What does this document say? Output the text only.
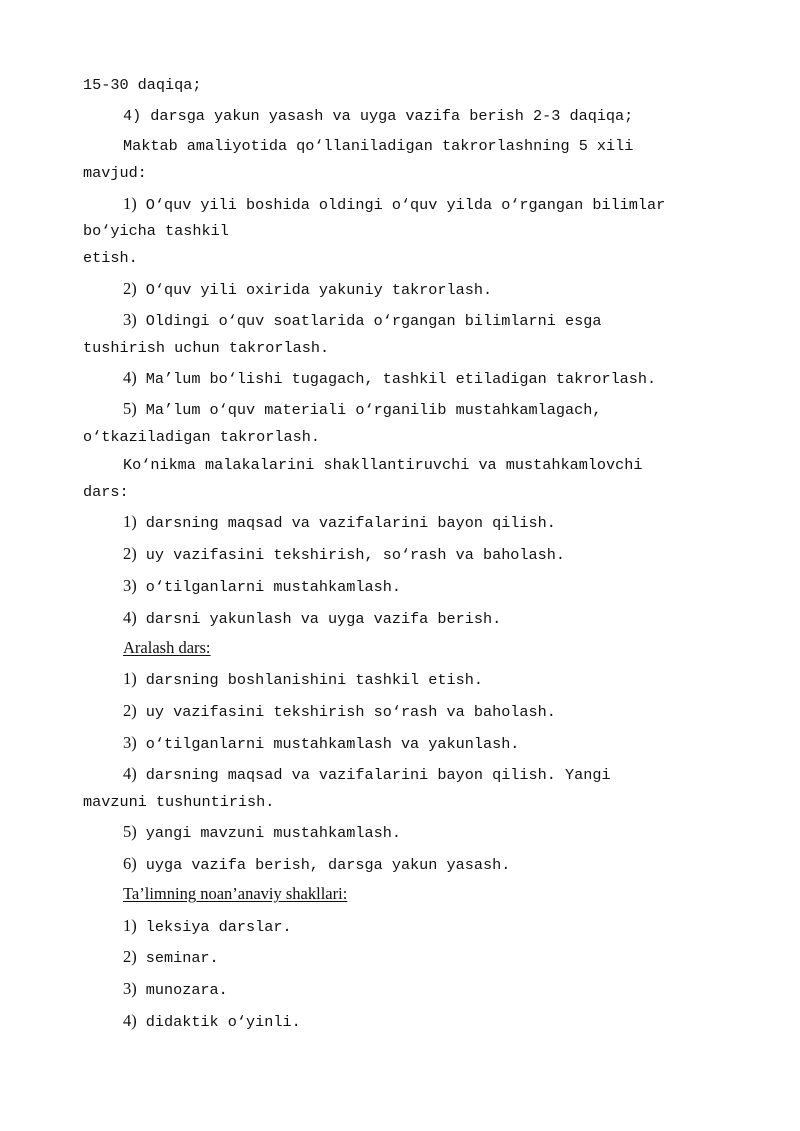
15-30 daqiqa;

4) darsga yakun yasash va uyga vazifa berish 2-3 daqiqa;

Maktab amaliyotida qo‘llaniladigan takrorlashning 5 xili

mavjud:

1) O‘quv yili boshida oldingi o‘quv yilda o‘rgangan bilimlar

bo‘yicha tashkil

etish.

2) O‘quv yili oxirida yakuniy takrorlash.

3) Oldingi o‘quv soatlarida o‘rgangan bilimlarni esga

tushirish uchun takrorlash.

4) Ma’lum bo‘lishi tugagach, tashkil etiladigan takrorlash.

5) Ma’lum o‘quv materiali o‘rganilib mustahkamlagach,

o‘tkaziladigan takrorlash.

Ko‘nikma malakalarini shakllantiruvchi va mustahkamlovchi

dars:

1) darsning maqsad va vazifalarini bayon qilish.

2) uy vazifasini tekshirish, so‘rash va baholash.

3) o‘tilganlarni mustahkamlash.

4) darsni yakunlash va uyga vazifa berish.

Aralash dars:

1) darsning boshlanishini tashkil etish.

2) uy vazifasini tekshirish so‘rash va baholash.

3) o‘tilganlarni mustahkamlash va yakunlash.

4) darsning maqsad va vazifalarini bayon qilish. Yangi

mavzuni tushuntirish.

5) yangi mavzuni mustahkamlash.

6) uyga vazifa berish, darsga yakun yasash.

Ta’limning noan’anaviy shakllari:

1) leksiya darslar.

2) seminar.

3) munozara.

4) didaktik o‘yinli.
